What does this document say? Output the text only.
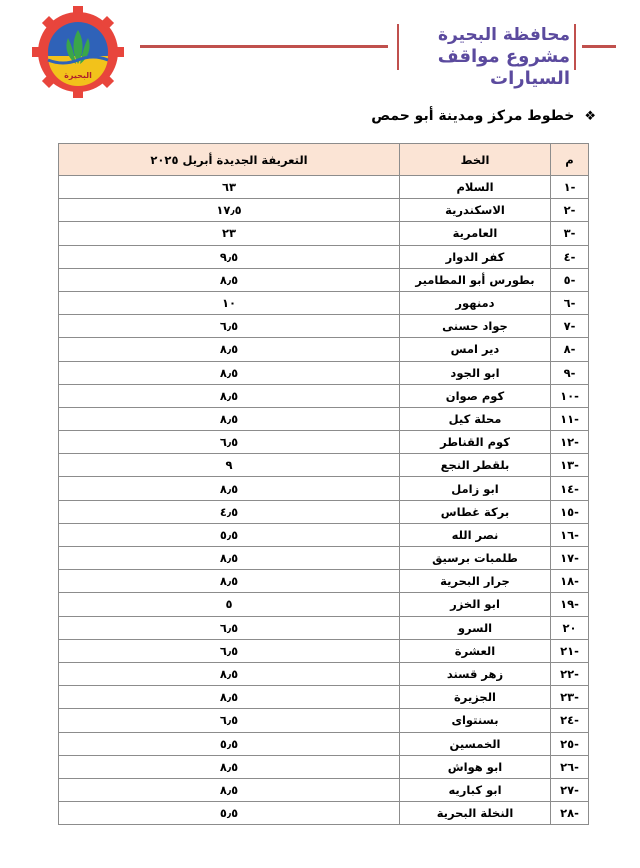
البحيرة
محافظة البحيرة
مشروع مواقف السيارات
❖
خطوط مركز ومدينة أبو حمص
م	الخط	التعريفة الجديدة أبريل ٢٠٢٥
-١	السلام	٦٣
-٢	الاسكندرية	١٧٫٥
-٣	العامرية	٢٣
-٤	كفر الدوار	٩٫٥
-٥	بطورس أبو المطامير	٨٫٥
-٦	دمنهور	١٠
-٧	جواد حسنى	٦٫٥
-٨	دير امس	٨٫٥
-٩	ابو الجود	٨٫٥
-١٠	كوم صوان	٨٫٥
-١١	محلة كيل	٨٫٥
-١٢	كوم القناطر	٦٫٥
-١٣	بلقطر النجع	٩
-١٤	ابو زامل	٨٫٥
-١٥	بركة غطاس	٤٫٥
-١٦	نصر الله	٥٫٥
-١٧	طلمبات برسيق	٨٫٥
-١٨	جرار البحرية	٨٫٥
-١٩	ابو الخزر	٥
٢٠	السرو	٦٫٥
-٢١	العشرة	٦٫٥
-٢٢	زهر قسند	٨٫٥
-٢٣	الجزيرة	٨٫٥
-٢٤	بسنتواى	٦٫٥
-٢٥	الخمسين	٥٫٥
-٢٦	ابو هواش	٨٫٥
-٢٧	ابو كباريه	٨٫٥
-٢٨	النخلة البحرية	٥٫٥
